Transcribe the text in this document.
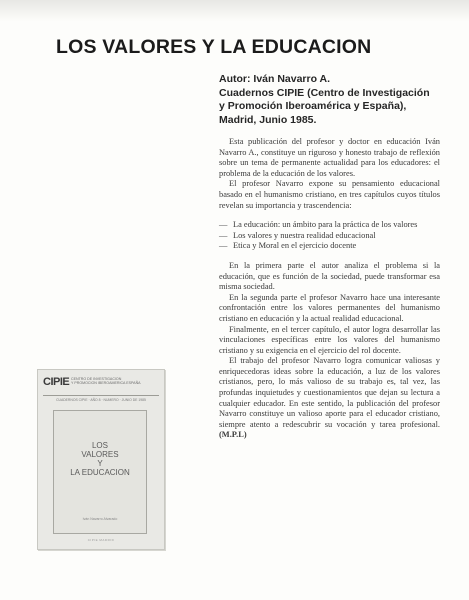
LOS VALORES Y LA EDUCACION
Autor: Iván Navarro A.
Cuadernos CIPIE (Centro de Investigación
y Promoción Iberoamérica y España),
Madrid, Junio 1985.

Esta publicación del profesor y doctor en educación Iván Navarro A., constituye un riguroso y honesto trabajo de reflexión sobre un tema de permanente actualidad para los educadores: el problema de la educación de los valores.

El profesor Navarro expone su pensamiento educacional basado en el humanismo cristiano, en tres capítulos cuyos títulos revelan su importancia y trascendencia:

— La educación: un ámbito para la práctica de los valores
— Los valores y nuestra realidad educacional
— Etica y Moral en el ejercicio docente

En la primera parte el autor analiza el problema si la educación, que es función de la sociedad, puede transformar esa misma sociedad.

En la segunda parte el profesor Navarro hace una interesante confrontación entre los valores permanentes del humanismo cristiano en educación y la actual realidad educacional.

Finalmente, en el tercer capítulo, el autor logra desarrollar las vinculaciones específicas entre los valores del humanismo cristiano y su exigencia en el ejercicio del rol docente.

El trabajo del profesor Navarro logra comunicar valiosas y enriquecedoras ideas sobre la educación, a luz de los valores cristianos, pero, lo más valioso de su trabajo es, tal vez, las profundas inquietudes y cuestionamientos que dejan su lectura a cualquier educador. En este sentido, la publicación del profesor Navarro constituye un valioso aporte para el educador cristiano, siempre atento a redescubrir su vocación y tarea profesional. (M.P.L)

CIPIE CENTRO DE INVESTIGACION
Y PROMOCION IBEROAMERICA ESPAÑA
CUADERNOS CIPIE · AÑO 8 · NUMERO · JUNIO DE 1985
LOS
VALORES
Y
LA EDUCACION
Iván Navarro Alvarado
CIPIE MADRID
